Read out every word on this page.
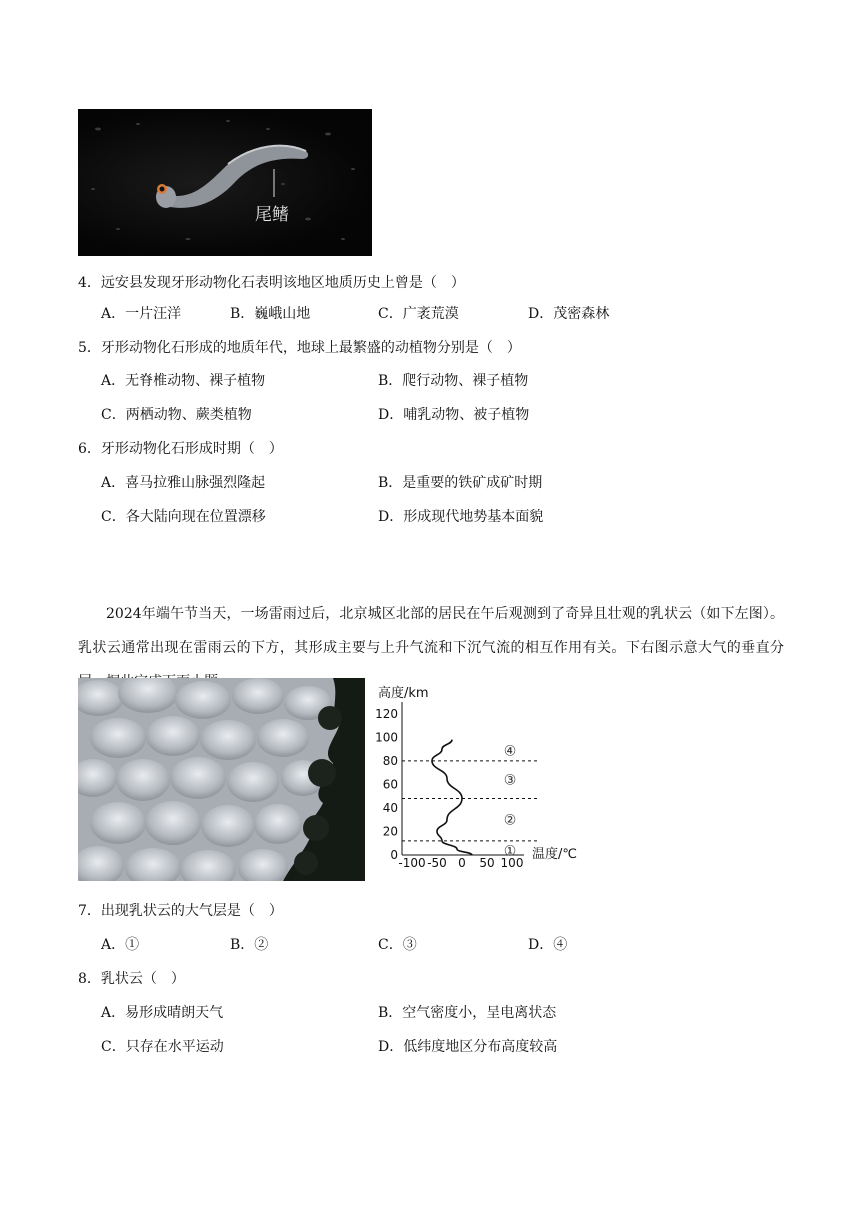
尾鳍
4．远安县发现牙形动物化石表明该地区地质历史上曾是（　）
A．一片汪洋	B．巍峨山地	C．广袤荒漠	D．茂密森林
5．牙形动物化石形成的地质年代，地球上最繁盛的动植物分别是（　）
A．无脊椎动物、裸子植物	B．爬行动物、裸子植物
C．两栖动物、蕨类植物	D．哺乳动物、被子植物
6．牙形动物化石形成时期（　）
A．喜马拉雅山脉强烈隆起	B．是重要的铁矿成矿时期
C．各大陆向现在位置漂移	D．形成现代地势基本面貌
2024年端午节当天，一场雷雨过后，北京城区北部的居民在午后观测到了奇异且壮观的乳状云（如下左图）。乳状云通常出现在雷雨云的下方，其形成主要与上升气流和下沉气流的相互作用有关。下右图示意大气的垂直分
高度/km
温度/℃
0
20
40
60
80
100
120
-100 -50 0 50 100
①
②
③
④
7．出现乳状云的大气层是（　）
A．①	B．②	C．③	D．④
8．乳状云（　）
A．易形成晴朗天气	B．空气密度小，呈电离状态
C．只存在水平运动	D．低纬度地区分布高度较高
